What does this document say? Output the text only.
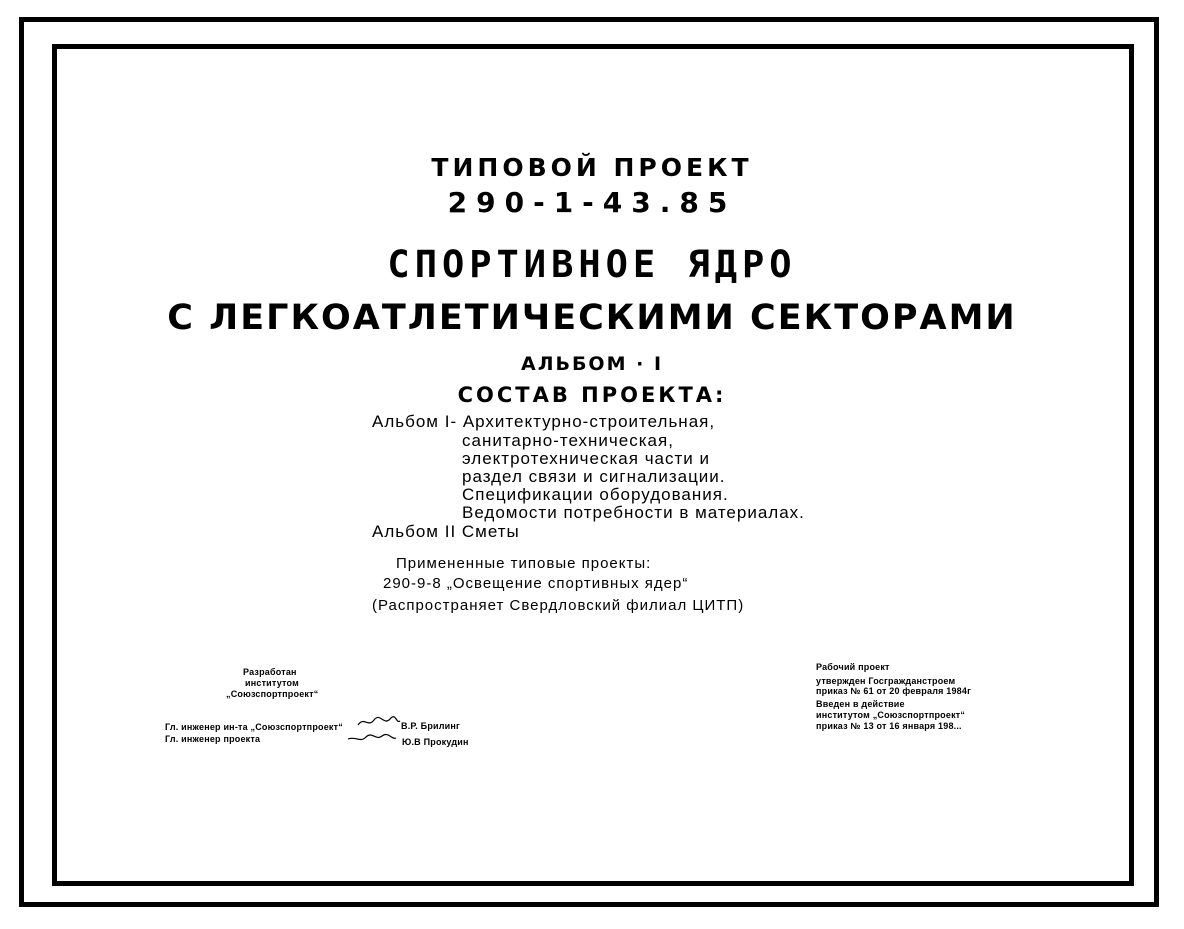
ТИПОВОЙ ПРОЕКТ
290-1-43.85
СПОРТИВНОЕ ЯДРО
С ЛЕГКОАТЛЕТИЧЕСКИМИ СЕКТОРАМИ
АЛЬБОМ · I
СОСТАВ ПРОЕКТА:
Альбом I- Архитектурно-строительная,
санитарно-техническая,
электротехническая части и
раздел связи и сигнализации.
Спецификации оборудования.
Ведомости потребности в материалах.
Альбом II Сметы
Примененные типовые проекты:
290-9-8 „Освещение спортивных ядер“
(Распространяет Свердловский филиал ЦИТП)
Разработан
институтом
„Союзспортпроект“
Гл. инженер ин-та „Союзспортпроект“	В.Р. Брилинг
Гл. инженер проекта	Ю.В Прокудин
Рабочий проект
утвержден Госгражданстроем
приказ № 61 от 20 февраля 1984г
Введен в действие
институтом „Союзспортпроект“
приказ № 13 от 16 января 198...
